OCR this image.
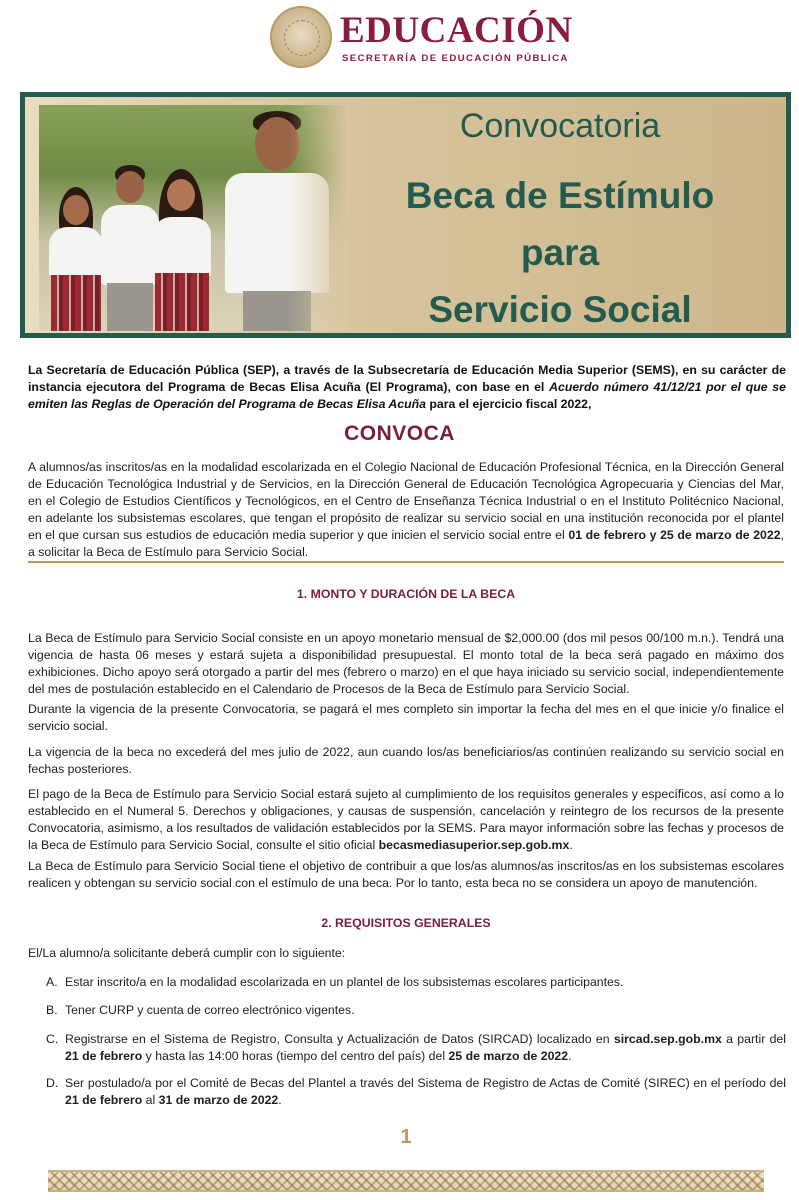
EDUCACIÓN
SECRETARÍA DE EDUCACIÓN PÚBLICA
Convocatoria
Beca de Estímulo
para
Servicio Social
La Secretaría de Educación Pública (SEP), a través de la Subsecretaría de Educación Media Superior (SEMS), en su carácter de instancia ejecutora del Programa de Becas Elisa Acuña (El Programa), con base en el Acuerdo número 41/12/21 por el que se emiten las Reglas de Operación del Programa de Becas Elisa Acuña para el ejercicio fiscal 2022,
CONVOCA
A alumnos/as inscritos/as en la modalidad escolarizada en el Colegio Nacional de Educación Profesional Técnica, en la Dirección General de Educación Tecnológica Industrial y de Servicios, en la Dirección General de Educación Tecnológica Agropecuaria y Ciencias del Mar, en el Colegio de Estudios Científicos y Tecnológicos, en el Centro de Enseñanza Técnica Industrial o en el Instituto Politécnico Nacional, en adelante los subsistemas escolares, que tengan el propósito de realizar su servicio social en una institución reconocida por el plantel en el que cursan sus estudios de educación media superior y que inicien el servicio social entre el 01 de febrero y 25 de marzo de 2022, a solicitar la Beca de Estímulo para Servicio Social.
1. MONTO Y DURACIÓN DE LA BECA
La Beca de Estímulo para Servicio Social consiste en un apoyo monetario mensual de $2,000.00 (dos mil pesos 00/100 m.n.). Tendrá una vigencia de hasta 06 meses y estará sujeta a disponibilidad presupuestal. El monto total de la beca será pagado en máximo dos exhibiciones. Dicho apoyo será otorgado a partir del mes (febrero o marzo) en el que haya iniciado su servicio social, independientemente del mes de postulación establecido en el Calendario de Procesos de la Beca de Estímulo para Servicio Social.
Durante la vigencia de la presente Convocatoria, se pagará el mes completo sin importar la fecha del mes en el que inicie y/o finalice el servicio social.
La vigencia de la beca no excederá del mes julio de 2022, aun cuando los/as beneficiarios/as continúen realizando su servicio social en fechas posteriores.
El pago de la Beca de Estímulo para Servicio Social estará sujeto al cumplimiento de los requisitos generales y específicos, así como a lo establecido en el Numeral 5. Derechos y obligaciones, y causas de suspensión, cancelación y reintegro de los recursos de la presente Convocatoria, asimismo, a los resultados de validación establecidos por la SEMS. Para mayor información sobre las fechas y procesos de la Beca de Estímulo para Servicio Social, consulte el sitio oficial becasmediasuperior.sep.gob.mx.
La Beca de Estímulo para Servicio Social tiene el objetivo de contribuir a que los/as alumnos/as inscritos/as en los subsistemas escolares realicen y obtengan su servicio social con el estímulo de una beca. Por lo tanto, esta beca no se considera un apoyo de manutención.
2. REQUISITOS GENERALES
El/La alumno/a solicitante deberá cumplir con lo siguiente:
A. Estar inscrito/a en la modalidad escolarizada en un plantel de los subsistemas escolares participantes.
B. Tener CURP y cuenta de correo electrónico vigentes.
C. Registrarse en el Sistema de Registro, Consulta y Actualización de Datos (SIRCAD) localizado en sircad.sep.gob.mx a partir del 21 de febrero y hasta las 14:00 horas (tiempo del centro del país) del 25 de marzo de 2022.
D. Ser postulado/a por el Comité de Becas del Plantel a través del Sistema de Registro de Actas de Comité (SIREC) en el período del 21 de febrero al 31 de marzo de 2022.
1
